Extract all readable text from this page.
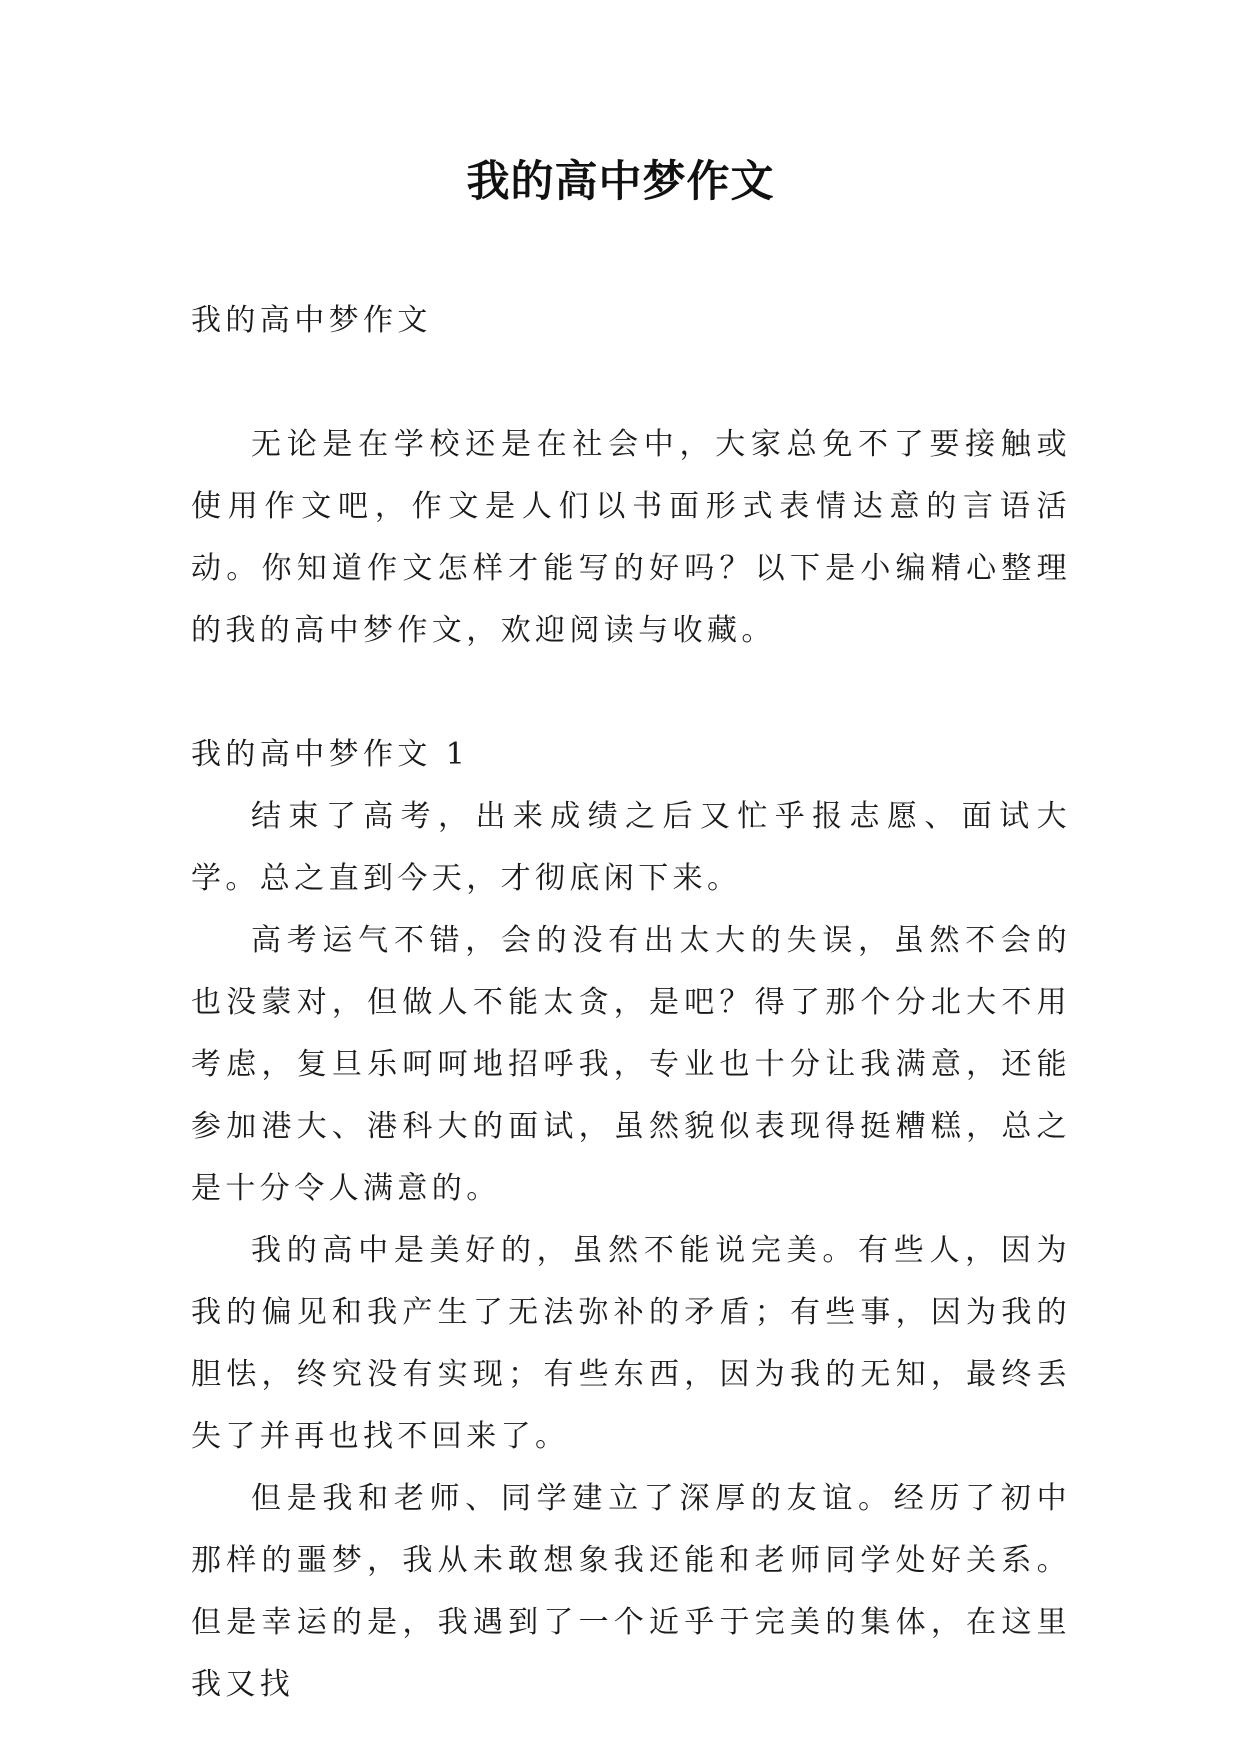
我的高中梦作文

我的高中梦作文

无论是在学校还是在社会中，大家总免不了要接触或使用作文吧，作文是人们以书面形式表情达意的言语活动。你知道作文怎样才能写的好吗？以下是小编精心整理的我的高中梦作文，欢迎阅读与收藏。

我的高中梦作文 1

结束了高考，出来成绩之后又忙乎报志愿、面试大学。总之直到今天，才彻底闲下来。

高考运气不错，会的没有出太大的失误，虽然不会的也没蒙对，但做人不能太贪，是吧？得了那个分北大不用考虑，复旦乐呵呵地招呼我，专业也十分让我满意，还能参加港大、港科大的面试，虽然貌似表现得挺糟糕，总之是十分令人满意的。

我的高中是美好的，虽然不能说完美。有些人，因为我的偏见和我产生了无法弥补的矛盾；有些事，因为我的胆怯，终究没有实现；有些东西，因为我的无知，最终丢失了并再也找不回来了。

但是我和老师、同学建立了深厚的友谊。经历了初中那样的噩梦，我从未敢想象我还能和老师同学处好关系。但是幸运的是，我遇到了一个近乎于完美的集体，在这里我又找
